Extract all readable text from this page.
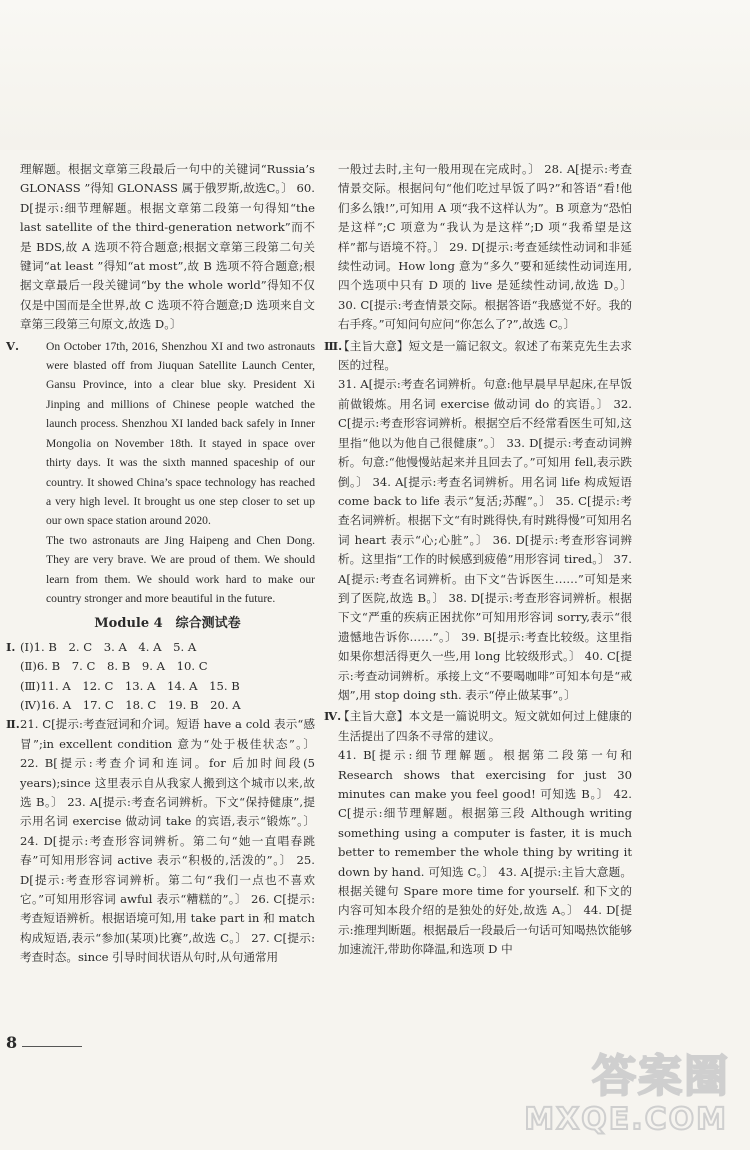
理解题。根据文章第三段最后一句中的关键词“Russia’s GLONASS ”得知 GLONASS 属于俄罗斯,故选C。〕 60. D[提示:细节理解题。根据文章第二段第一句得知“the last satellite of the third-generation network”而不是 BDS,故 A 选项不符合题意;根据文章第三段第二句关键词“at least ”得知“at most”,故 B 选项不符合题意;根据文章最后一段关键词“by the whole world”得知不仅仅是中国而是全世界,故 C 选项不符合题意;D 选项来自文章第三段第三句原文,故选 D。〕

Ⅴ.	On October 17th, 2016, Shenzhou XI and two astronauts were blasted off from Jiuquan Satellite Launch Center, Gansu Province, into a clear blue sky. President Xi Jinping and millions of Chinese people watched the launch process. Shenzhou XI landed back safely in Inner Mongolia on November 18th. It stayed in space over thirty days. It was the sixth manned spaceship of our country. It showed China’s space technology has reached a very high level. It brought us one step closer to set up our own space station around 2020.

The two astronauts are Jing Haipeng and Chen Dong. They are very brave. We are proud of them. We should learn from them. We should work hard to make our country stronger and more beautiful in the future.

Module 4　综合测试卷
Ⅰ. (Ⅰ)1. B　2. C　3. A　4. A　5. A
(Ⅱ)6. B　7. C　8. B　9. A　10. C
(Ⅲ)11. A　12. C　13. A　14. A　15. B
(Ⅳ)16. A　17. C　18. C　19. B　20. A
Ⅱ. 21. C[提示:考查冠词和介词。短语 have a cold 表示“感冒”;in excellent condition 意为“处于极佳状态”。〕 22. B[提示:考查介词和连词。for 后加时间段(5 years);since 这里表示自从我家人搬到这个城市以来,故选 B。〕 23. A[提示:考查名词辨析。下文“保持健康”,提示用名词 exercise 做动词 take 的宾语,表示“锻炼”。〕 24. D[提示:考查形容词辨析。第二句“她一直唱春跳春”可知用形容词 active 表示“积极的,活泼的”。〕 25. D[提示:考查形容词辨析。第二句“我们一点也不喜欢它。”可知用形容词 awful 表示“糟糕的”。〕 26. C[提示:考查短语辨析。根据语境可知,用 take part in 和 match 构成短语,表示“参加(某项)比赛”,故选 C。〕 27. C[提示:考查时态。since 引导时间状语从句时,从句通常用

一般过去时,主句一般用现在完成时。〕 28. A[提示:考查情景交际。根据问句“他们吃过早饭了吗?”和答语“看!他们多么饿!”,可知用 A 项“我不这样认为”。B 项意为“恐怕是这样”;C 项意为“我认为是这样”;D 项“我希望是这样”都与语境不符。〕 29. D[提示:考查延续性动词和非延续性动词。How long 意为“多久”要和延续性动词连用,四个选项中只有 D 项的 live 是延续性动词,故选 D。〕 30. C[提示:考查情景交际。根据答语“我感觉不好。我的右手疼。”可知问句应问“你怎么了?”,故选 C。〕

Ⅲ.

【主旨大意】短文是一篇记叙文。叙述了布莱克先生去求医的过程。

31. A[提示:考查名词辨析。句意:他早晨早早起床,在早饭前做锻炼。用名词 exercise 做动词 do 的宾语。〕 32. C[提示:考查形容词辨析。根据空后不经常看医生可知,这里指“他以为他自己很健康”。〕 33. D[提示:考查动词辨析。句意:“他慢慢站起来并且回去了。”可知用 fell,表示跌倒。〕 34. A[提示:考查名词辨析。用名词 life 构成短语 come back to life 表示“复活;苏醒”。〕 35. C[提示:考查名词辨析。根据下文“有时跳得快,有时跳得慢”可知用名词 heart 表示“心;心脏”。〕 36. D[提示:考查形容词辨析。这里指“工作的时候感到疲倦”用形容词 tired。〕 37. A[提示:考查名词辨析。由下文“告诉医生……”可知是来到了医院,故选 B。〕 38. D[提示:考查形容词辨析。根据下文“严重的疾病正困扰你”可知用形容词 sorry,表示“很遗憾地告诉你……”。〕 39. B[提示:考查比较级。这里指如果你想活得更久一些,用 long 比较级形式。〕 40. C[提示:考查动词辨析。承接上文“不要喝咖啡”可知本句是“戒烟”,用 stop doing sth. 表示“停止做某事”。〕

Ⅳ.

【主旨大意】本文是一篇说明文。短文就如何过上健康的生活提出了四条不寻常的建议。

41. B[提示:细节理解题。根据第二段第一句和 Research shows that exercising for just 30 minutes can make you feel good! 可知选 B。〕 42. C[提示:细节理解题。根据第三段 Although writing something using a computer is faster, it is much better to remember the whole thing by writing it down by hand. 可知选 C。〕 43. A[提示:主旨大意题。根据关键句 Spare more time for yourself. 和下文的内容可知本段介绍的是独处的好处,故选 A。〕 44. D[提示:推理判断题。根据最后一段最后一句话可知喝热饮能够加速流汗,带助你降温,和选项 D 中

8
答案圈
MXQE.COM
